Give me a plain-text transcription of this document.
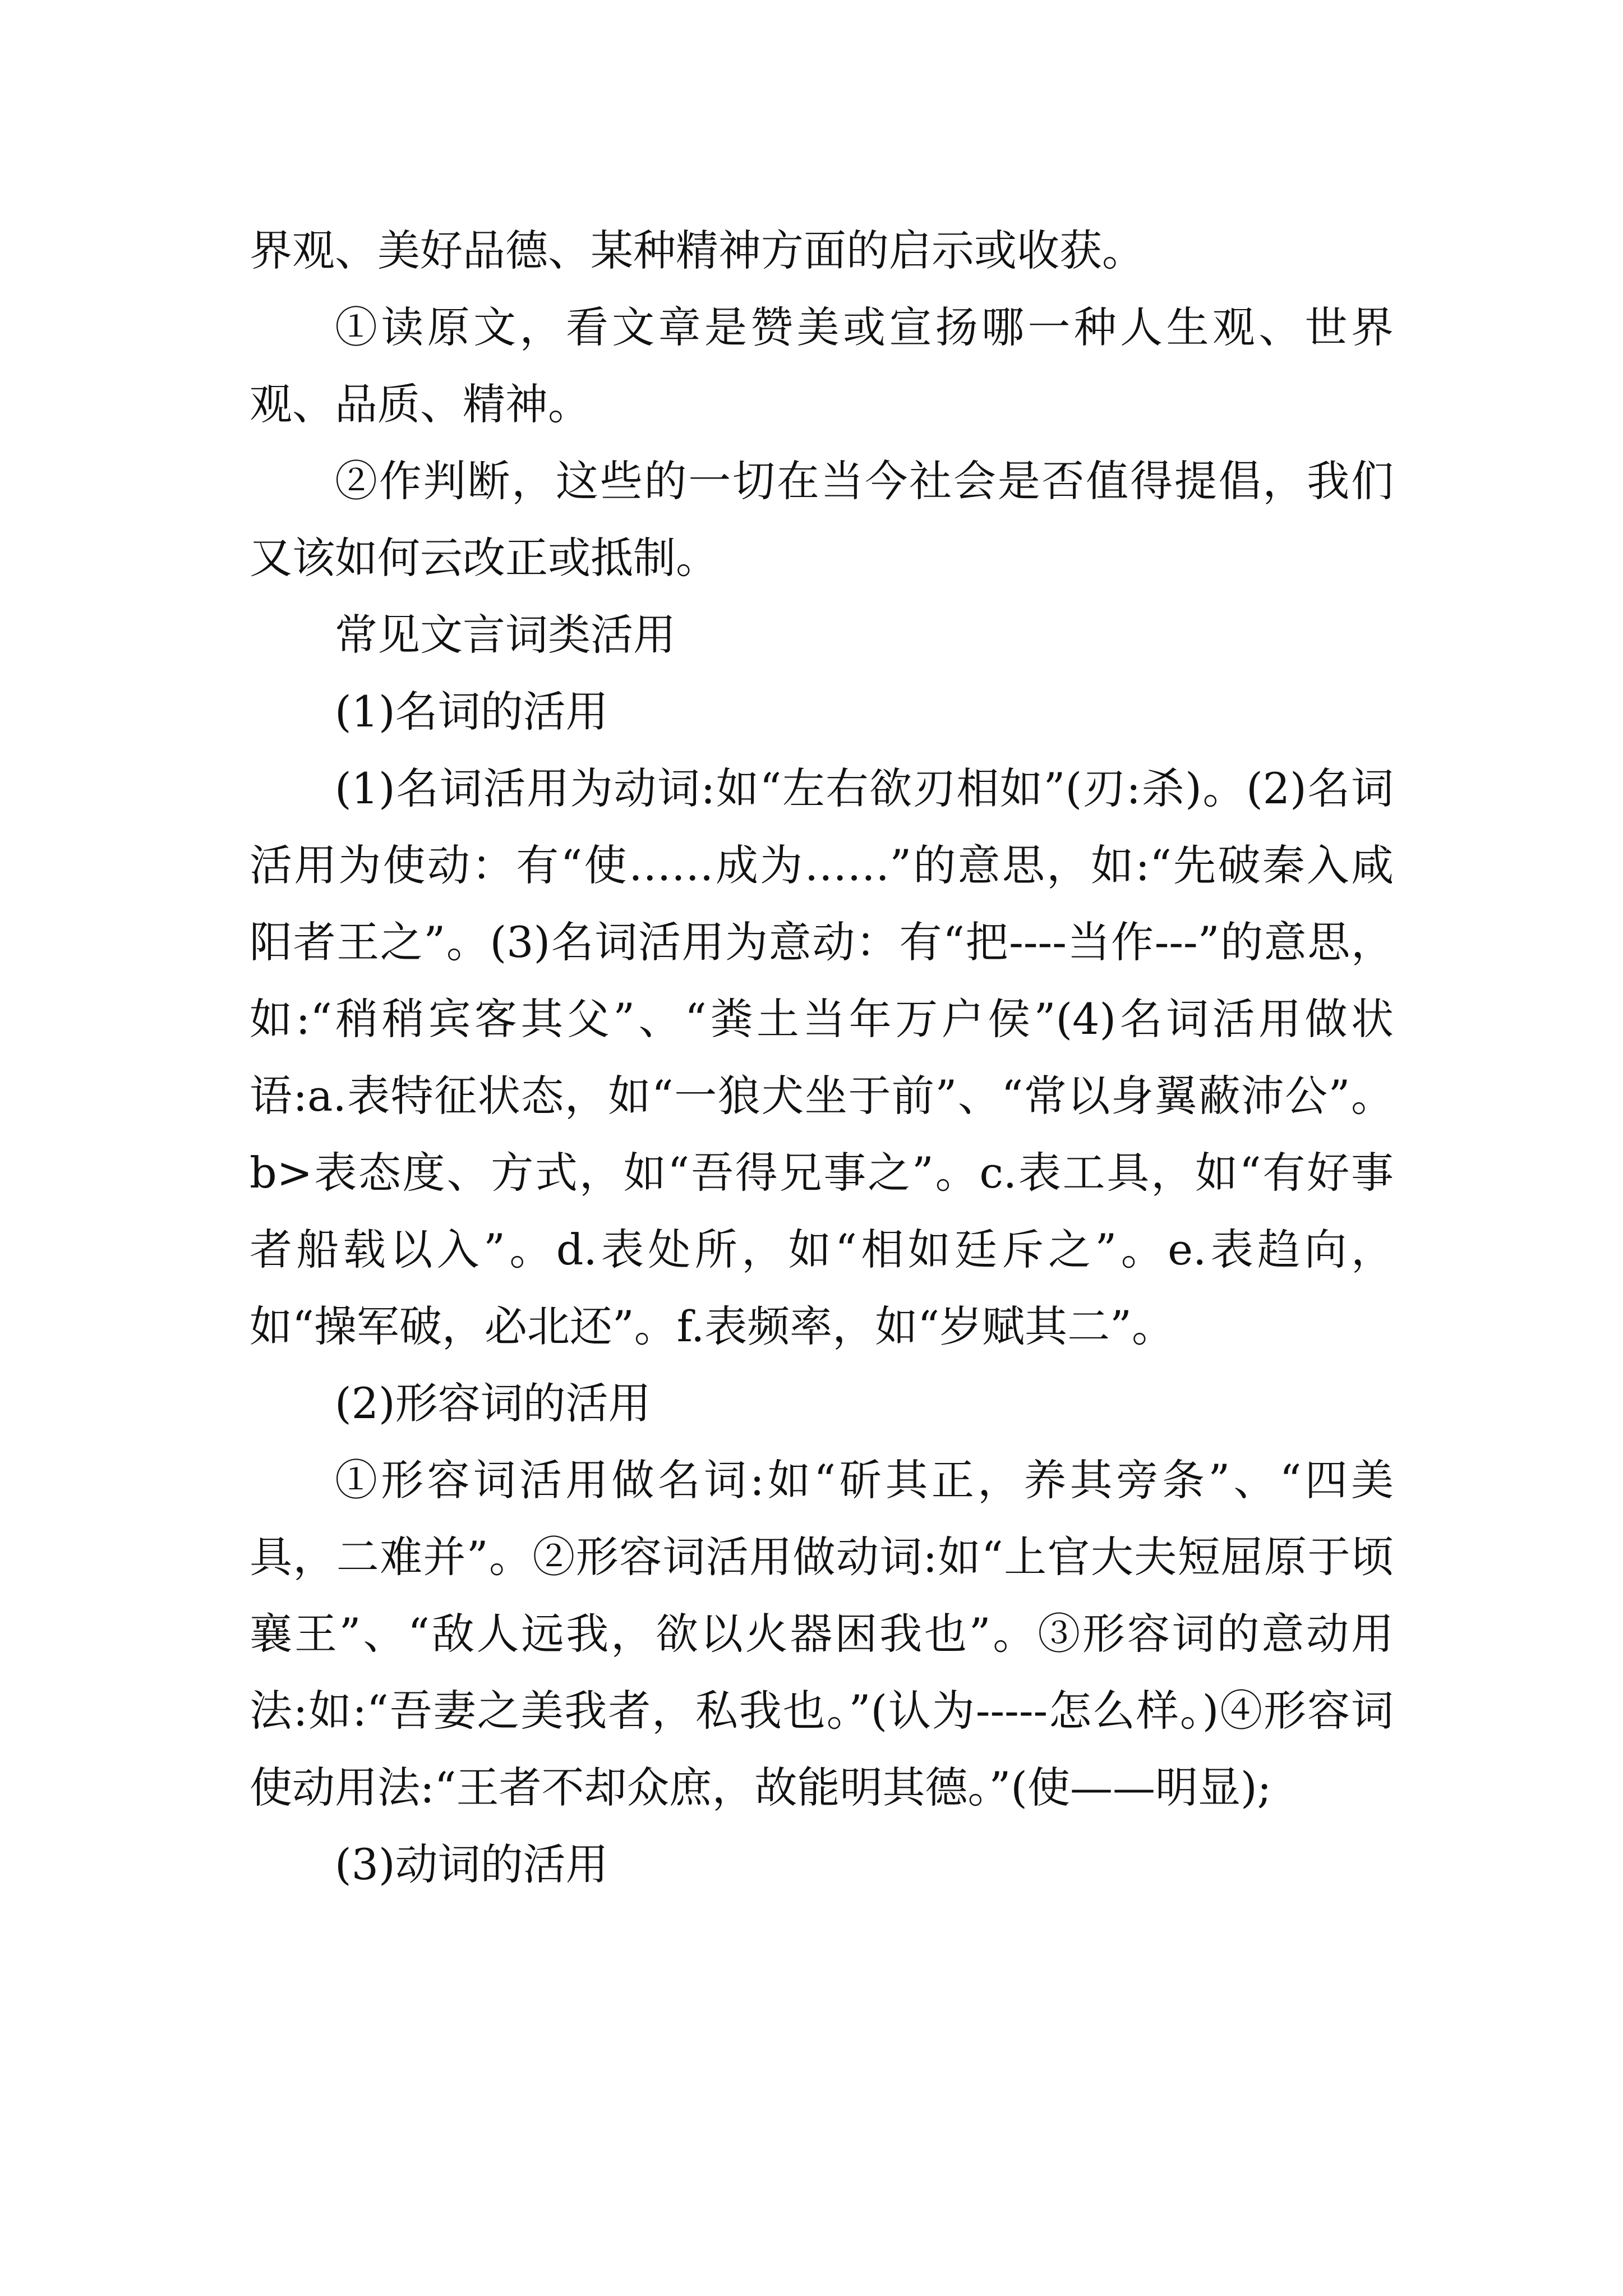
界观、美好品德、某种精神方面的启示或收获。

①读原文，看文章是赞美或宣扬哪一种人生观、世界观、品质、精神。

②作判断，这些的一切在当今社会是否值得提倡，我们又该如何云改正或抵制。

常见文言词类活用

(1)名词的活用

(1)名词活用为动词:如“左右欲刃相如”(刃:杀)。(2)名词活用为使动：有“使……成为……”的意思，如:“先破秦入咸阳者王之”。(3)名词活用为意动：有“把----当作---”的意思，如:“稍稍宾客其父”、“粪土当年万户侯”(4)名词活用做状语:a.表特征状态，如“一狼犬坐于前”、“常以身翼蔽沛公”。b>表态度、方式，如“吾得兄事之”。c.表工具，如“有好事者船载以入”。d.表处所，如“相如廷斥之”。e.表趋向，如“操军破，必北还”。f.表频率，如“岁赋其二”。

(2)形容词的活用

①形容词活用做名词:如“斫其正，养其旁条”、“四美具，二难并”。②形容词活用做动词:如“上官大夫短屈原于顷襄王”、“敌人远我，欲以火器困我也”。③形容词的意动用法:如:“吾妻之美我者，私我也。”(认为-----怎么样。)④形容词使动用法:“王者不却众庶，故能明其德。”(使——明显);

(3)动词的活用
